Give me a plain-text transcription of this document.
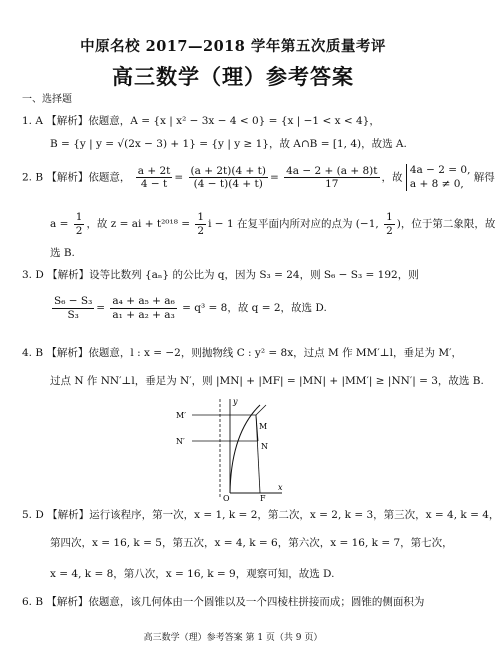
中原名校 2017—2018 学年第五次质量考评
高三数学（理）参考答案
一、选择题
1. A 【解析】依题意，A = {x | x² − 3x − 4 < 0} = {x | −1 < x < 4}，
B = {y | y = √(2x − 3) + 1} = {y | y ≥ 1}，故 A∩B = [1, 4)，故选 A.
2. B 【解析】依题意， $\frac{a + 2t}{4 - t} = \frac{(a + 2t)(4 + t)}{(4 - t)(4 + t)} = \frac{4a - 2 + (a + 8)t}{17}$ ，故
4a − 2 = 0,
a + 8 ≠ 0, 解得
$a = \frac{1}{2}$ ，故 z = ai + $t^{2018} = \frac{1}{2}$ i − 1 在复平面内所对应的点为 (−1, $\frac{1}{2}$ )，位于第二象限，故
选 B.
3. D 【解析】设等比数列 {aₙ} 的公比为 q，因为 S₃ = 24，则 S₆ − S₃ = 192，则
$\frac{\text{S₆ − S₃}}{\text{S₃}} = \frac{\text{a₄ + a₅ + a₆}}{\text{a₁ + a₂ + a₃}} = q^3 = 8$，故 q = 2，故选 D.
4. B 【解析】依题意，l : x = −2，则抛物线 C : y² = 8x，过点 M 作 MM′⊥l，垂足为 M′，
过点 N 作 NN′⊥l，垂足为 N′，则 |MN| + |MF| = |MN| + |MM′| ≥ |NN′| = 3，故选 B.
M′
N′
M
N
O	F
x
y
5. D 【解析】运行该程序，第一次，x = 1, k = 2，第二次，x = 2, k = 3，第三次，x = 4, k = 4，
第四次，x = 16, k = 5，第五次，x = 4, k = 6，第六次，x = 16, k = 7，第七次，
x = 4, k = 8，第八次，x = 16, k = 9，观察可知，故选 D.
6. B 【解析】依题意，该几何体由一个圆锥以及一个四棱柱拼接而成；圆锥的侧面积为
高三数学（理）参考答案 第 1 页（共 9 页）
